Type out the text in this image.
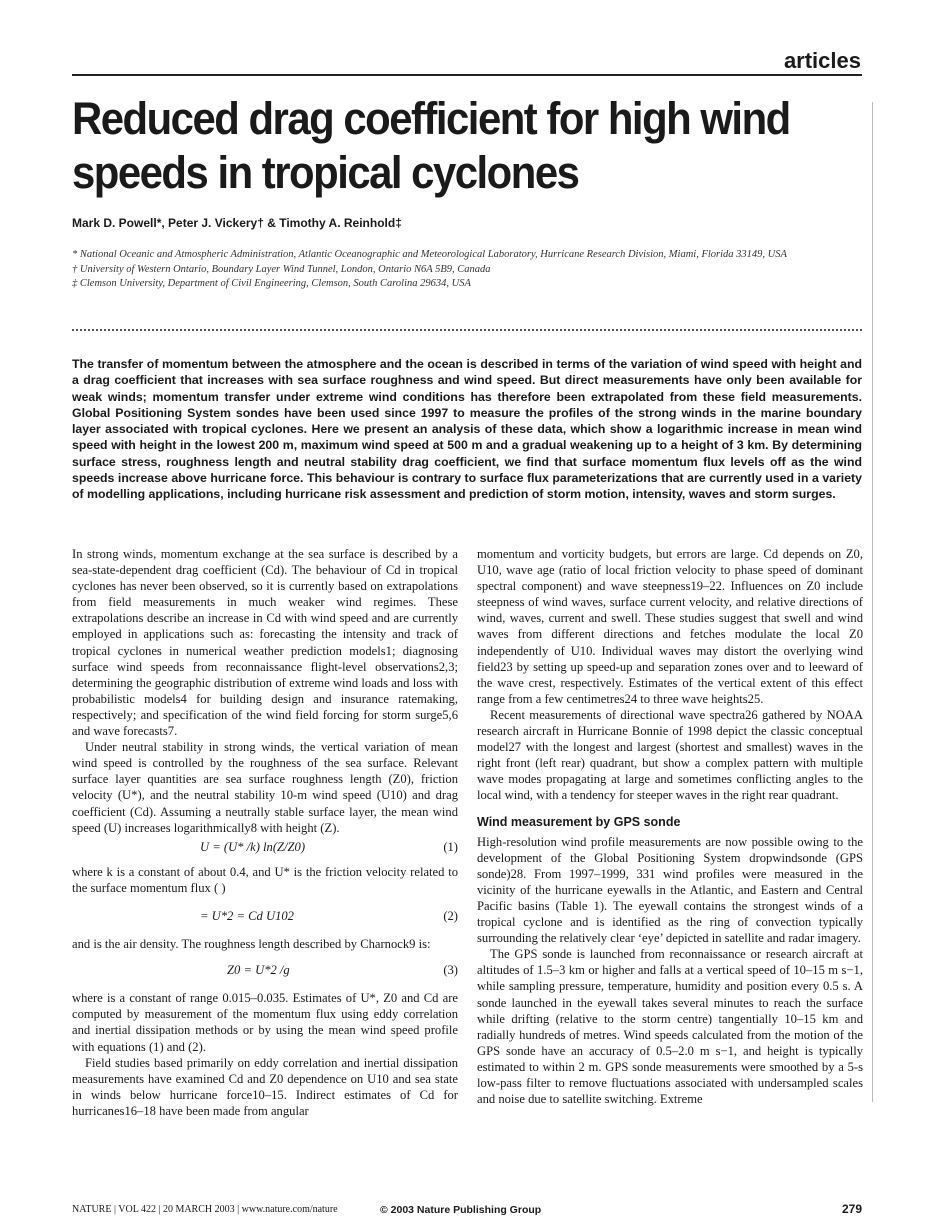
articles
Reduced drag coefficient for high wind
speeds in tropical cyclones
Mark D. Powell*, Peter J. Vickery† & Timothy A. Reinhold‡
* National Oceanic and Atmospheric Administration, Atlantic Oceanographic and Meteorological Laboratory, Hurricane Research Division, Miami, Florida 33149, USA
† University of Western Ontario, Boundary Layer Wind Tunnel, London, Ontario N6A 5B9, Canada
‡ Clemson University, Department of Civil Engineering, Clemson, South Carolina 29634, USA
The transfer of momentum between the atmosphere and the ocean is described in terms of the variation of wind speed with height and a drag coefficient that increases with sea surface roughness and wind speed. But direct measurements have only been available for weak winds; momentum transfer under extreme wind conditions has therefore been extrapolated from these field measurements. Global Positioning System sondes have been used since 1997 to measure the profiles of the strong winds in the marine boundary layer associated with tropical cyclones. Here we present an analysis of these data, which show a logarithmic increase in mean wind speed with height in the lowest 200 m, maximum wind speed at 500 m and a gradual weakening up to a height of 3 km. By determining surface stress, roughness length and neutral stability drag coefficient, we find that surface momentum flux levels off as the wind speeds increase above hurricane force. This behaviour is contrary to surface flux parameterizations that are currently used in a variety of modelling applications, including hurricane risk assessment and prediction of storm motion, intensity, waves and storm surges.

In strong winds, momentum exchange at the sea surface is described by a sea-state-dependent drag coefficient (Cd). The behaviour of Cd in tropical cyclones has never been observed, so it is currently based on extrapolations from field measurements in much weaker wind regimes. These extrapolations describe an increase in Cd with wind speed and are currently employed in applications such as: forecasting the intensity and track of tropical cyclones in numerical weather prediction models1; diagnosing surface wind speeds from reconnaissance flight-level observations2,3; determining the geographic distribution of extreme wind loads and loss with probabilistic models4 for building design and insurance ratemaking, respectively; and specification of the wind field forcing for storm surge5,6 and wave forecasts7.

Under neutral stability in strong winds, the vertical variation of mean wind speed is controlled by the roughness of the sea surface. Relevant surface layer quantities are sea surface roughness length (Z0), friction velocity (U*), and the neutral stability 10-m wind speed (U10) and drag coefficient (Cd). Assuming a neutrally stable surface layer, the mean wind speed (U) increases logarithmically8 with height (Z).

U = (U* /k) ln(Z/Z0)	(1)

where k is a constant of about 0.4, and U* is the friction velocity related to the surface momentum flux ( )

= U*2 = Cd U102	(2)

and is the air density. The roughness length described by Charnock9 is:

Z0 = U*2 /g	(3)

where is a constant of range 0.015–0.035. Estimates of U*, Z0 and Cd are computed by measurement of the momentum flux using eddy correlation and inertial dissipation methods or by using the mean wind speed profile with equations (1) and (2).

Field studies based primarily on eddy correlation and inertial dissipation measurements have examined Cd and Z0 dependence on U10 and sea state in winds below hurricane force10–15. Indirect estimates of Cd for hurricanes16–18 have been made from angular

momentum and vorticity budgets, but errors are large. Cd depends on Z0, U10, wave age (ratio of local friction velocity to phase speed of dominant spectral component) and wave steepness19–22. Influences on Z0 include steepness of wind waves, surface current velocity, and relative directions of wind, waves, current and swell. These studies suggest that swell and wind waves from different directions and fetches modulate the local Z0 independently of U10. Individual waves may distort the overlying wind field23 by setting up speed-up and separation zones over and to leeward of the wave crest, respectively. Estimates of the vertical extent of this effect range from a few centimetres24 to three wave heights25.

Recent measurements of directional wave spectra26 gathered by NOAA research aircraft in Hurricane Bonnie of 1998 depict the classic conceptual model27 with the longest and largest (shortest and smallest) waves in the right front (left rear) quadrant, but show a complex pattern with multiple wave modes propagating at large and sometimes conflicting angles to the local wind, with a tendency for steeper waves in the right rear quadrant.

Wind measurement by GPS sonde

High-resolution wind profile measurements are now possible owing to the development of the Global Positioning System dropwindsonde (GPS sonde)28. From 1997–1999, 331 wind profiles were measured in the vicinity of the hurricane eyewalls in the Atlantic, and Eastern and Central Pacific basins (Table 1). The eyewall contains the strongest winds of a tropical cyclone and is identified as the ring of convection typically surrounding the relatively clear ‘eye’ depicted in satellite and radar imagery.

The GPS sonde is launched from reconnaissance or research aircraft at altitudes of 1.5–3 km or higher and falls at a vertical speed of 10–15 m s−1, while sampling pressure, temperature, humidity and position every 0.5 s. A sonde launched in the eyewall takes several minutes to reach the surface while drifting (relative to the storm centre) tangentially 10–15 km and radially hundreds of metres. Wind speeds calculated from the motion of the GPS sonde have an accuracy of 0.5–2.0 m s−1, and height is typically estimated to within 2 m. GPS sonde measurements were smoothed by a 5-s low-pass filter to remove fluctuations associated with undersampled scales and noise due to satellite switching. Extreme

NATURE | VOL 422 | 20 MARCH 2003 | www.nature.com/nature	© 2003 Nature Publishing Group	279
